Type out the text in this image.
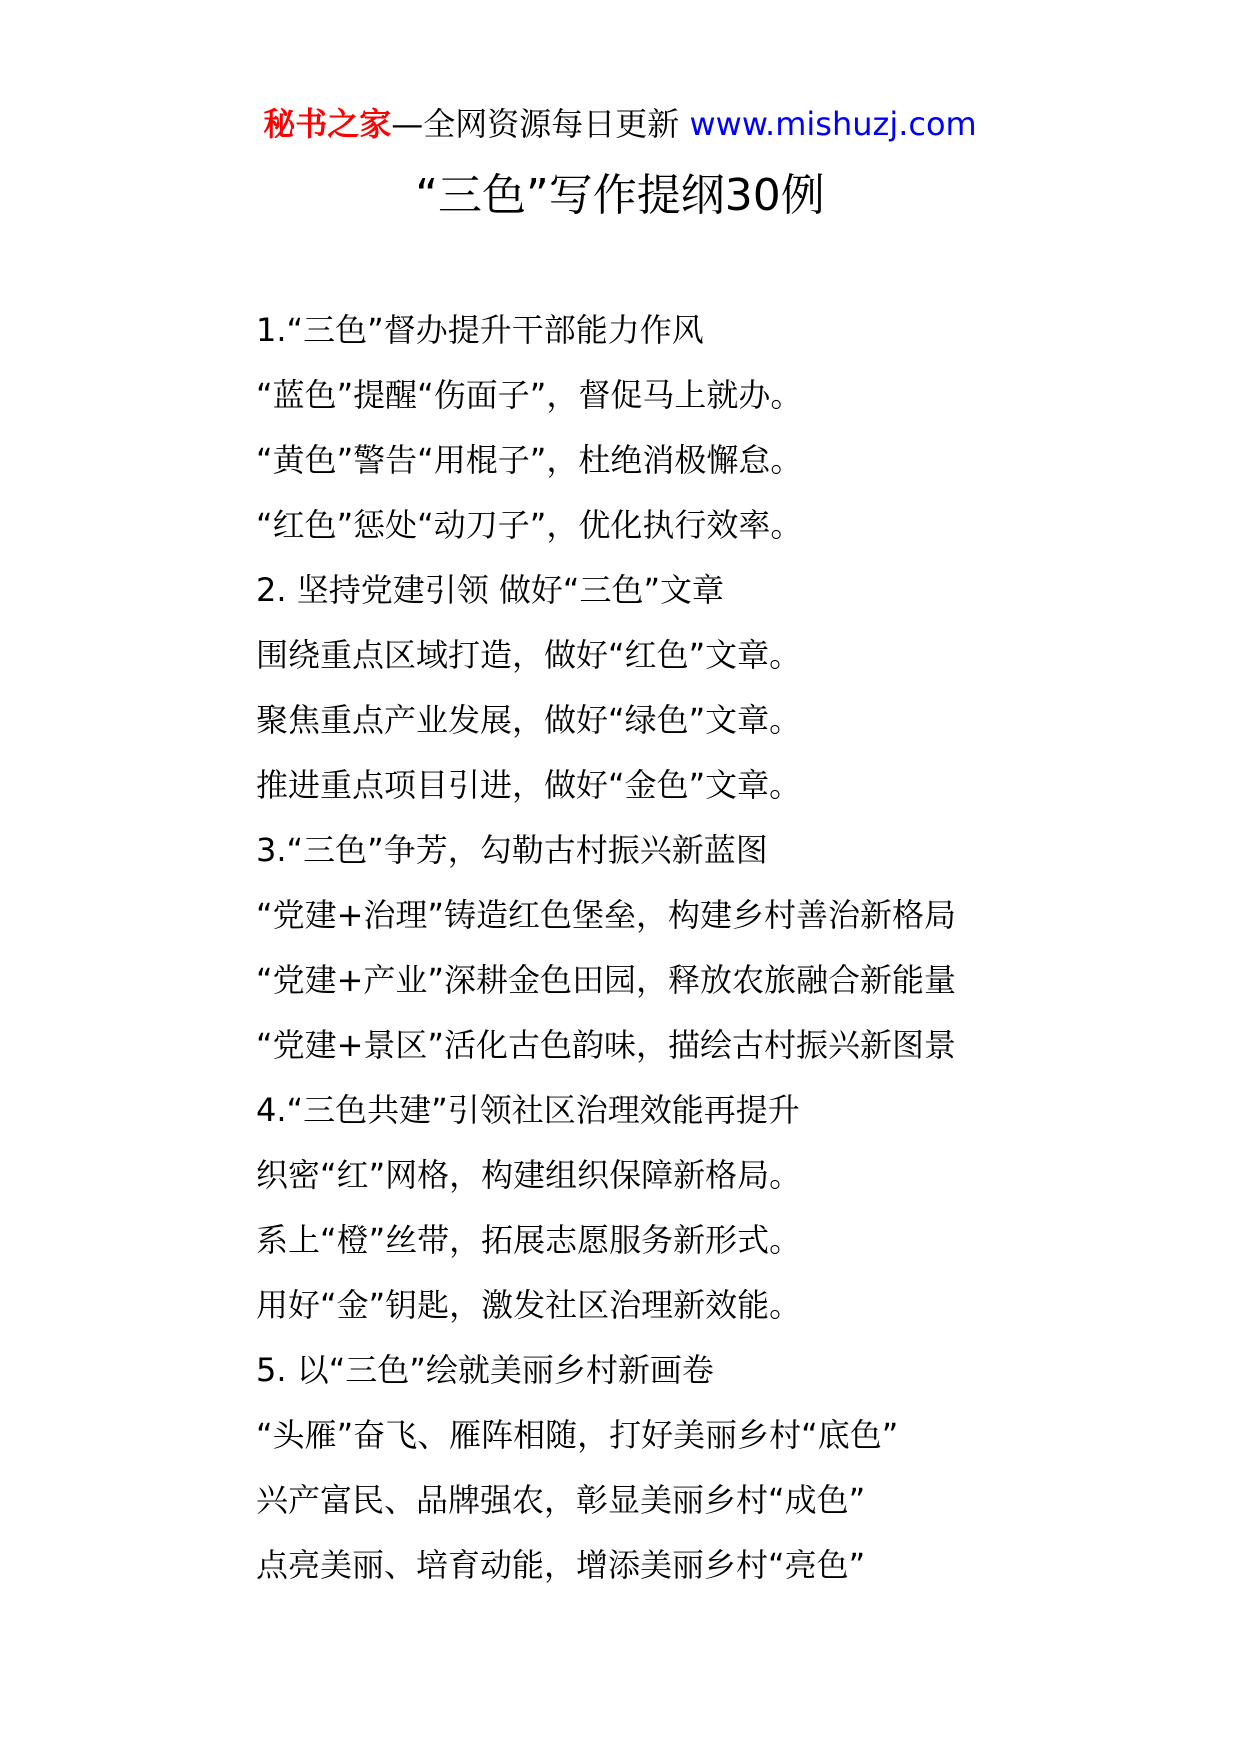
秘书之家—全网资源每日更新 www.mishuzj.com
“三色”写作提纲30例
1.“三色”督办提升干部能力作风
“蓝色”提醒“伤面子”，督促马上就办。
“黄色”警告“用棍子”，杜绝消极懈怠。
“红色”惩处“动刀子”，优化执行效率。
2. 坚持党建引领 做好“三色”文章
围绕重点区域打造，做好“红色”文章。
聚焦重点产业发展，做好“绿色”文章。
推进重点项目引进，做好“金色”文章。
3.“三色”争芳，勾勒古村振兴新蓝图
“党建+治理”铸造红色堡垒，构建乡村善治新格局
“党建+产业”深耕金色田园，释放农旅融合新能量
“党建+景区”活化古色韵味，描绘古村振兴新图景
4.“三色共建”引领社区治理效能再提升
织密“红”网格，构建组织保障新格局。
系上“橙”丝带，拓展志愿服务新形式。
用好“金”钥匙，激发社区治理新效能。
5. 以“三色”绘就美丽乡村新画卷
“头雁”奋飞、雁阵相随，打好美丽乡村“底色”
兴产富民、品牌强农，彰显美丽乡村“成色”
点亮美丽、培育动能，增添美丽乡村“亮色”
